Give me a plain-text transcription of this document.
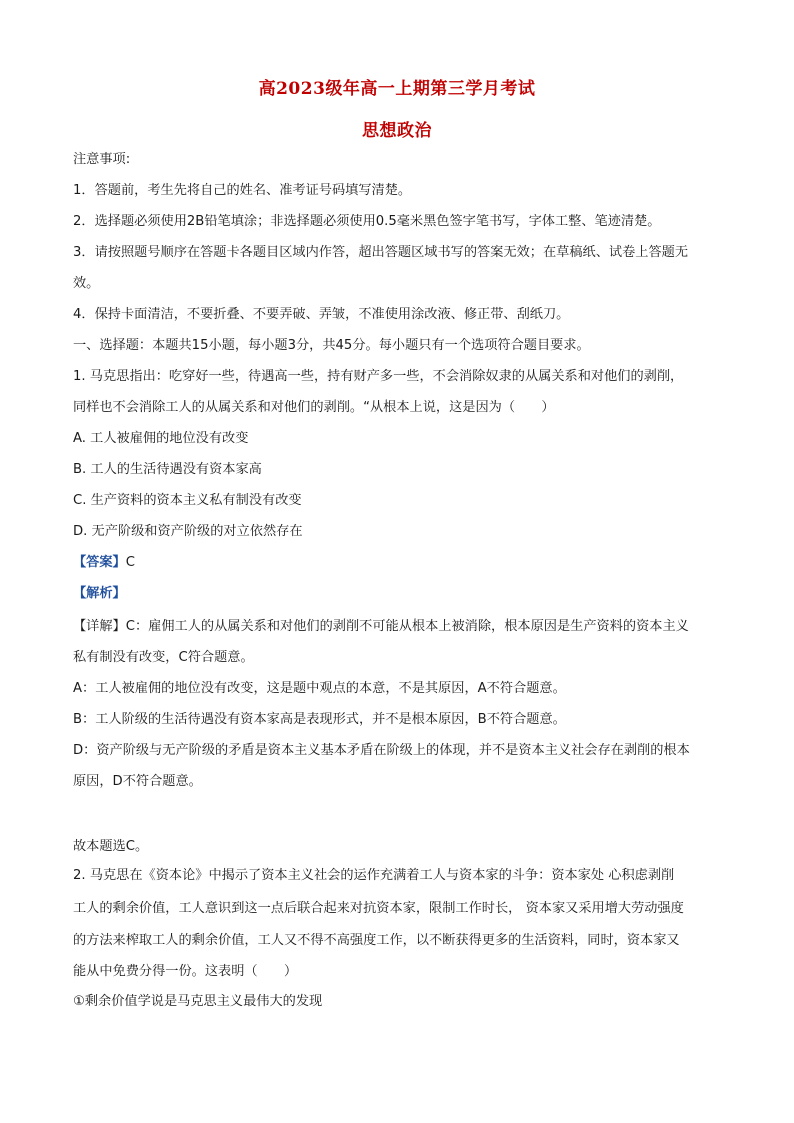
高2023级年高一上期第三学月考试
思想政治
注意事项:
1．答题前，考生先将自己的姓名、准考证号码填写清楚。
2．选择题必须使用2B铅笔填涂；非选择题必须使用0.5毫米黑色签字笔书写，字体工整、笔迹清楚。
3．请按照题号顺序在答题卡各题目区域内作答，超出答题区域书写的答案无效；在草稿纸、试卷上答题无
效。
4．保持卡面清洁，不要折叠、不要弄破、弄皱，不准使用涂改液、修正带、刮纸刀。
一、选择题：本题共15小题，每小题3分，共45分。每小题只有一个选项符合题目要求。
1. 马克思指出：吃穿好一些，待遇高一些，持有财产多一些，不会消除奴隶的从属关系和对他们的剥削，
同样也不会消除工人的从属关系和对他们的剥削。“从根本上说，这是因为（　　）
A. 工人被雇佣的地位没有改变
B. 工人的生活待遇没有资本家高
C. 生产资料的资本主义私有制没有改变
D. 无产阶级和资产阶级的对立依然存在
【答案】C
【解析】
【详解】C：雇佣工人的从属关系和对他们的剥削不可能从根本上被消除，根本原因是生产资料的资本主义
私有制没有改变，C符合题意。
A：工人被雇佣的地位没有改变，这是题中观点的本意，不是其原因，A不符合题意。
B：工人阶级的生活待遇没有资本家高是表现形式，并不是根本原因，B不符合题意。
D：资产阶级与无产阶级的矛盾是资本主义基本矛盾在阶级上的体现，并不是资本主义社会存在剥削的根本
原因，D不符合题意。
故本题选C。
2. 马克思在《资本论》中揭示了资本主义社会的运作充满着工人与资本家的斗争：资本家处 心积虑剥削
工人的剩余价值，工人意识到这一点后联合起来对抗资本家，限制工作时长， 资本家又采用增大劳动强度
的方法来榨取工人的剩余价值，工人又不得不高强度工作，以不断获得更多的生活资料，同时，资本家又
能从中免费分得一份。这表明（　　）
①剩余价值学说是马克思主义最伟大的发现
